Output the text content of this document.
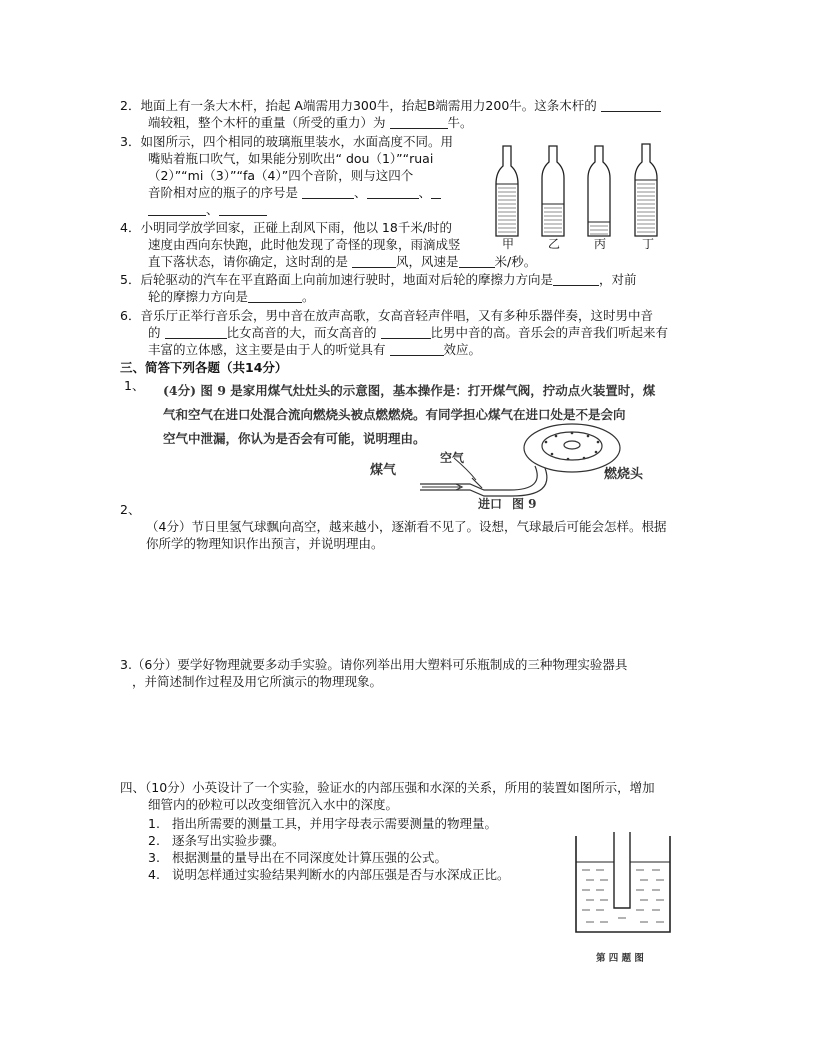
2．地面上有一条大木杆，抬起 A端需用力300牛，抬起B端需用力200牛。这条木杆的
端较粗，整个木杆的重量（所受的重力）为	牛。
3．如图所示，四个相同的玻璃瓶里装水，水面高度不同。用
嘴贴着瓶口吹气，如果能分别吹出“ dou（1）”“ruai
（2）”“mi（3）”“fa（4）”四个音阶，则与这四个
音阶相对应的瓶子的序号是	、	、
、
4．小明同学放学回家，正碰上刮风下雨，他以 18千米/时的
速度由西向东快跑，此时他发现了奇怪的现象，雨滴成竖
直下落状态，请你确定，这时刮的是	风，风速是	米/秒。
甲	乙	丙	丁
5．后轮驱动的汽车在平直路面上向前加速行驶时，地面对后轮的摩擦力方向是	，对前
轮的摩擦力方向是	。
6．音乐厅正举行音乐会，男中音在放声高歌，女高音轻声伴唱，又有多种乐器伴奏，这时男中音
的	比女高音的大，而女高音的	比男中音的高。音乐会的声音我们听起来有
丰富的立体感，这主要是由于人的听觉具有	效应。
三、简答下列各题（共14分）
1、 (4分) 图 9 是家用煤气灶灶头的示意图，基本操作是：打开煤气阀，拧动点火装置时，煤
气和空气在进口处混合流向燃烧头被点燃燃烧。有同学担心煤气在进口处是不是会向
空气中泄漏，你认为是否会有可能，说明理由。
煤气
空气
燃烧头
进口 图 9
2、
（4分）节日里氢气球飘向高空，越来越小，逐渐看不见了。设想，气球最后可能会怎样。根据
你所学的物理知识作出预言，并说明理由。
3.（6分）要学好物理就要多动手实验。请你列举出用大塑料可乐瓶制成的三种物理实验器具
，并简述制作过程及用它所演示的物理现象。
四、（10分）小英设计了一个实验，验证水的内部压强和水深的关系，所用的装置如图所示，增加
细管内的砂粒可以改变细管沉入水中的深度。
1. 指出所需要的测量工具，并用字母表示需要测量的物理量。
2. 逐条写出实验步骤。
3. 根据测量的量导出在不同深度处计算压强的公式。
4. 说明怎样通过实验结果判断水的内部压强是否与水深成正比。
第 四 题 图
